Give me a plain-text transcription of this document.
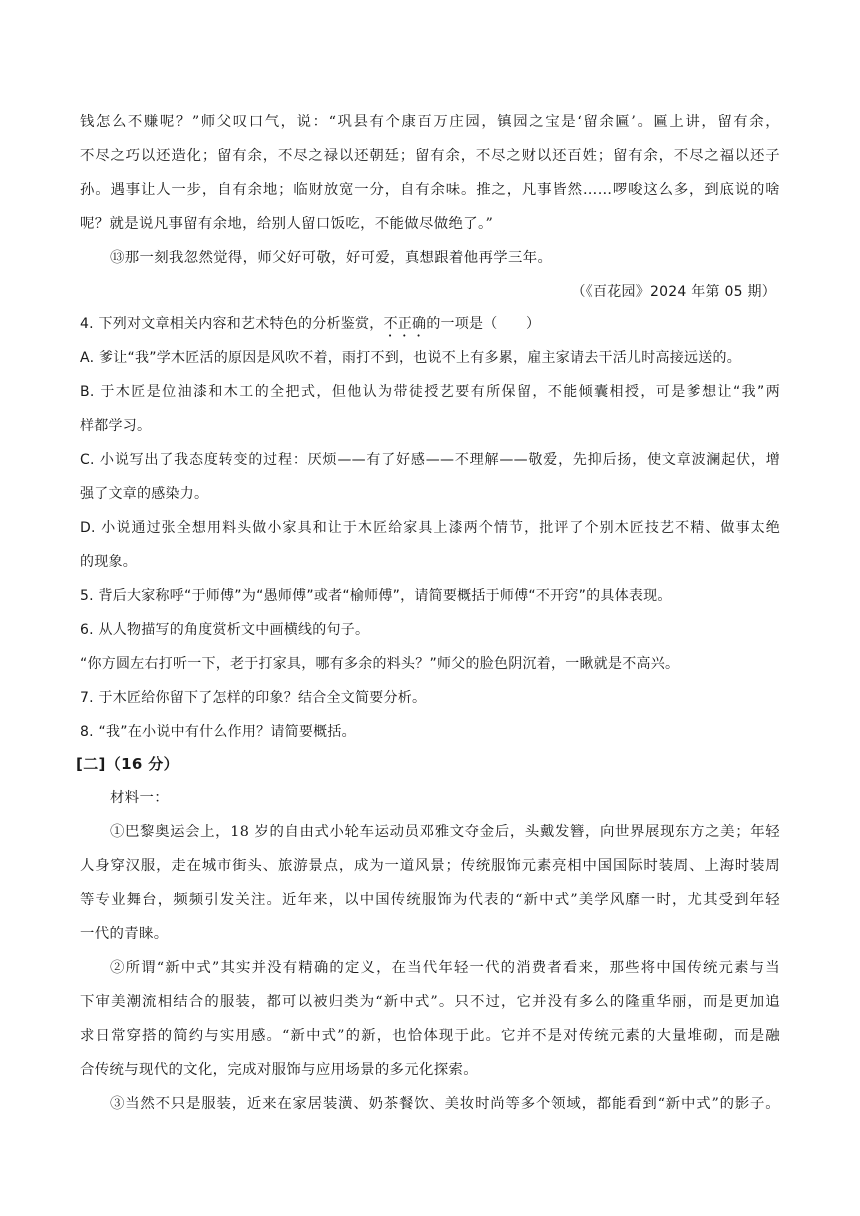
钱怎么不赚呢？”师父叹口气，说：“巩县有个康百万庄园，镇园之宝是‘留余匾’。匾上讲，留有余，
不尽之巧以还造化；留有余，不尽之禄以还朝廷；留有余，不尽之财以还百姓；留有余，不尽之福以还子
孙。遇事让人一步，自有余地；临财放宽一分，自有余味。推之，凡事皆然……啰唆这么多，到底说的啥
呢？就是说凡事留有余地，给别人留口饭吃，不能做尽做绝了。”
⑬那一刻我忽然觉得，师父好可敬，好可爱，真想跟着他再学三年。
（《百花园》2024 年第 05 期）
4. 下列对文章相关内容和艺术特色的分析鉴赏，不正确的一项是（　　）
A. 爹让“我”学木匠活的原因是风吹不着，雨打不到，也说不上有多累，雇主家请去干活儿时高接远送的。
B. 于木匠是位油漆和木工的全把式，但他认为带徒授艺要有所保留，不能倾囊相授，可是爹想让“我”两
样都学习。
C. 小说写出了我态度转变的过程：厌烦——有了好感——不理解——敬爱，先抑后扬，使文章波澜起伏，增
强了文章的感染力。
D. 小说通过张全想用料头做小家具和让于木匠给家具上漆两个情节，批评了个别木匠技艺不精、做事太绝
的现象。
5. 背后大家称呼“于师傅”为“愚师傅”或者“榆师傅”，请简要概括于师傅“不开窍”的具体表现。
6. 从人物描写的角度赏析文中画横线的句子。
“你方圆左右打听一下，老于打家具，哪有多余的料头？”师父的脸色阴沉着，一瞅就是不高兴。
7. 于木匠给你留下了怎样的印象？结合全文简要分析。
8. “我”在小说中有什么作用？请简要概括。
[二]（16 分）
材料一：
①巴黎奥运会上，18 岁的自由式小轮车运动员邓雅文夺金后，头戴发簪，向世界展现东方之美；年轻
人身穿汉服，走在城市街头、旅游景点，成为一道风景；传统服饰元素亮相中国国际时装周、上海时装周
等专业舞台，频频引发关注。近年来，以中国传统服饰为代表的“新中式”美学风靡一时，尤其受到年轻
一代的青睐。
②所谓“新中式”其实并没有精确的定义，在当代年轻一代的消费者看来，那些将中国传统元素与当
下审美潮流相结合的服装，都可以被归类为“新中式”。只不过，它并没有多么的隆重华丽，而是更加追
求日常穿搭的简约与实用感。“新中式”的新，也恰体现于此。它并不是对传统元素的大量堆砌，而是融
合传统与现代的文化，完成对服饰与应用场景的多元化探索。
③当然不只是服装，近来在家居装潢、奶茶餐饮、美妆时尚等多个领域，都能看到“新中式”的影子。
